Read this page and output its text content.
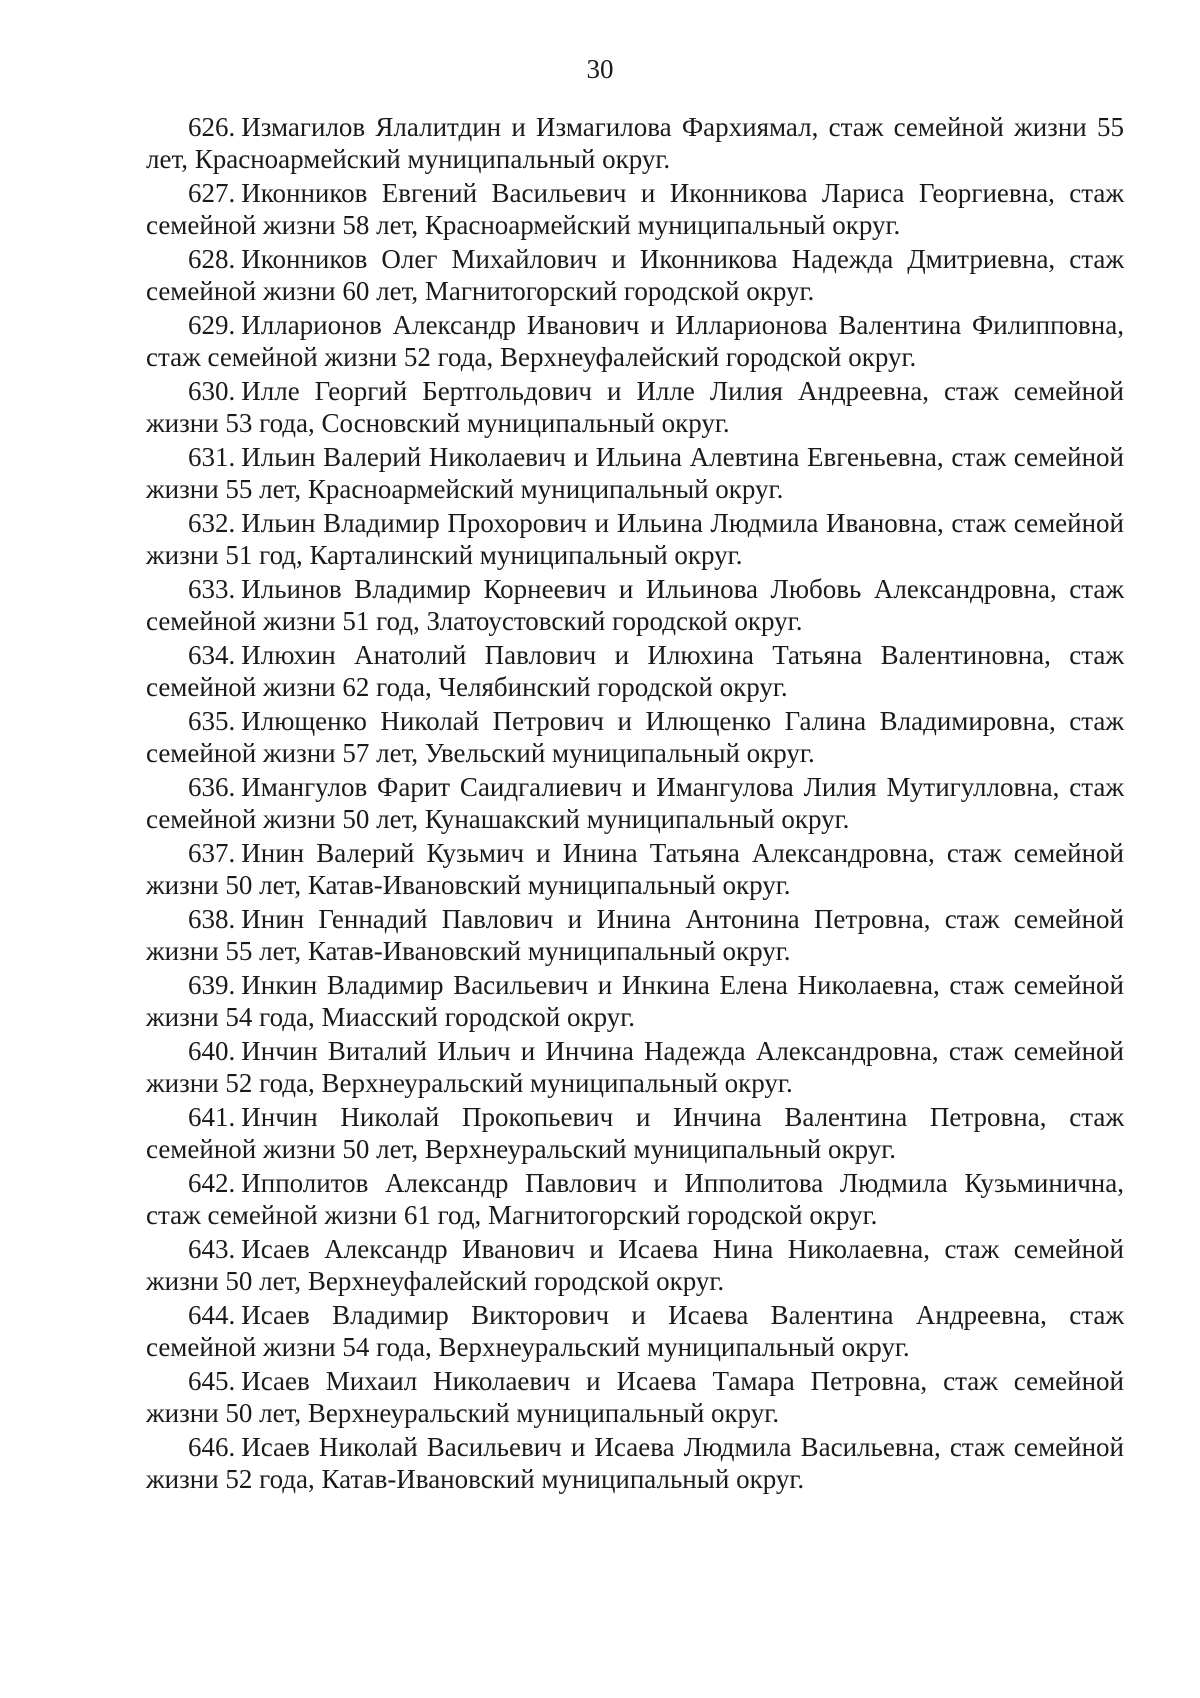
30

626. Измагилов Ялалитдин и Измагилова Фархиямал, стаж семейной жизни 55 лет, Красноармейский муниципальный округ.

627. Иконников Евгений Васильевич и Иконникова Лариса Георгиевна, стаж семейной жизни 58 лет, Красноармейский муниципальный округ.

628. Иконников Олег Михайлович и Иконникова Надежда Дмитриевна, стаж семейной жизни 60 лет, Магнитогорский городской округ.

629. Илларионов Александр Иванович и Илларионова Валентина Филипповна, стаж семейной жизни 52 года, Верхнеуфалейский городской округ.

630. Илле Георгий Бертгольдович и Илле Лилия Андреевна, стаж семейной жизни 53 года, Сосновский муниципальный округ.

631. Ильин Валерий Николаевич и Ильина Алевтина Евгеньевна, стаж семейной жизни 55 лет, Красноармейский муниципальный округ.

632. Ильин Владимир Прохорович и Ильина Людмила Ивановна, стаж семейной жизни 51 год, Карталинский муниципальный округ.

633. Ильинов Владимир Корнеевич и Ильинова Любовь Александровна, стаж семейной жизни 51 год, Златоустовский городской округ.

634. Илюхин Анатолий Павлович и Илюхина Татьяна Валентиновна, стаж семейной жизни 62 года, Челябинский городской округ.

635. Илющенко Николай Петрович и Илющенко Галина Владимировна, стаж семейной жизни 57 лет, Увельский муниципальный округ.

636. Имангулов Фарит Саидгалиевич и Имангулова Лилия Мутигулловна, стаж семейной жизни 50 лет, Кунашакский муниципальный округ.

637. Инин Валерий Кузьмич и Инина Татьяна Александровна, стаж семейной жизни 50 лет, Катав-Ивановский муниципальный округ.

638. Инин Геннадий Павлович и Инина Антонина Петровна, стаж семейной жизни 55 лет, Катав-Ивановский муниципальный округ.

639. Инкин Владимир Васильевич и Инкина Елена Николаевна, стаж семейной жизни 54 года, Миасский городской округ.

640. Инчин Виталий Ильич и Инчина Надежда Александровна, стаж семейной жизни 52 года, Верхнеуральский муниципальный округ.

641. Инчин Николай Прокопьевич и Инчина Валентина Петровна, стаж семейной жизни 50 лет, Верхнеуральский муниципальный округ.

642. Ипполитов Александр Павлович и Ипполитова Людмила Кузьминична, стаж семейной жизни 61 год, Магнитогорский городской округ.

643. Исаев Александр Иванович и Исаева Нина Николаевна, стаж семейной жизни 50 лет, Верхнеуфалейский городской округ.

644. Исаев Владимир Викторович и Исаева Валентина Андреевна, стаж семейной жизни 54 года, Верхнеуральский муниципальный округ.

645. Исаев Михаил Николаевич и Исаева Тамара Петровна, стаж семейной жизни 50 лет, Верхнеуральский муниципальный округ.

646. Исаев Николай Васильевич и Исаева Людмила Васильевна, стаж семейной жизни 52 года, Катав-Ивановский муниципальный округ.
